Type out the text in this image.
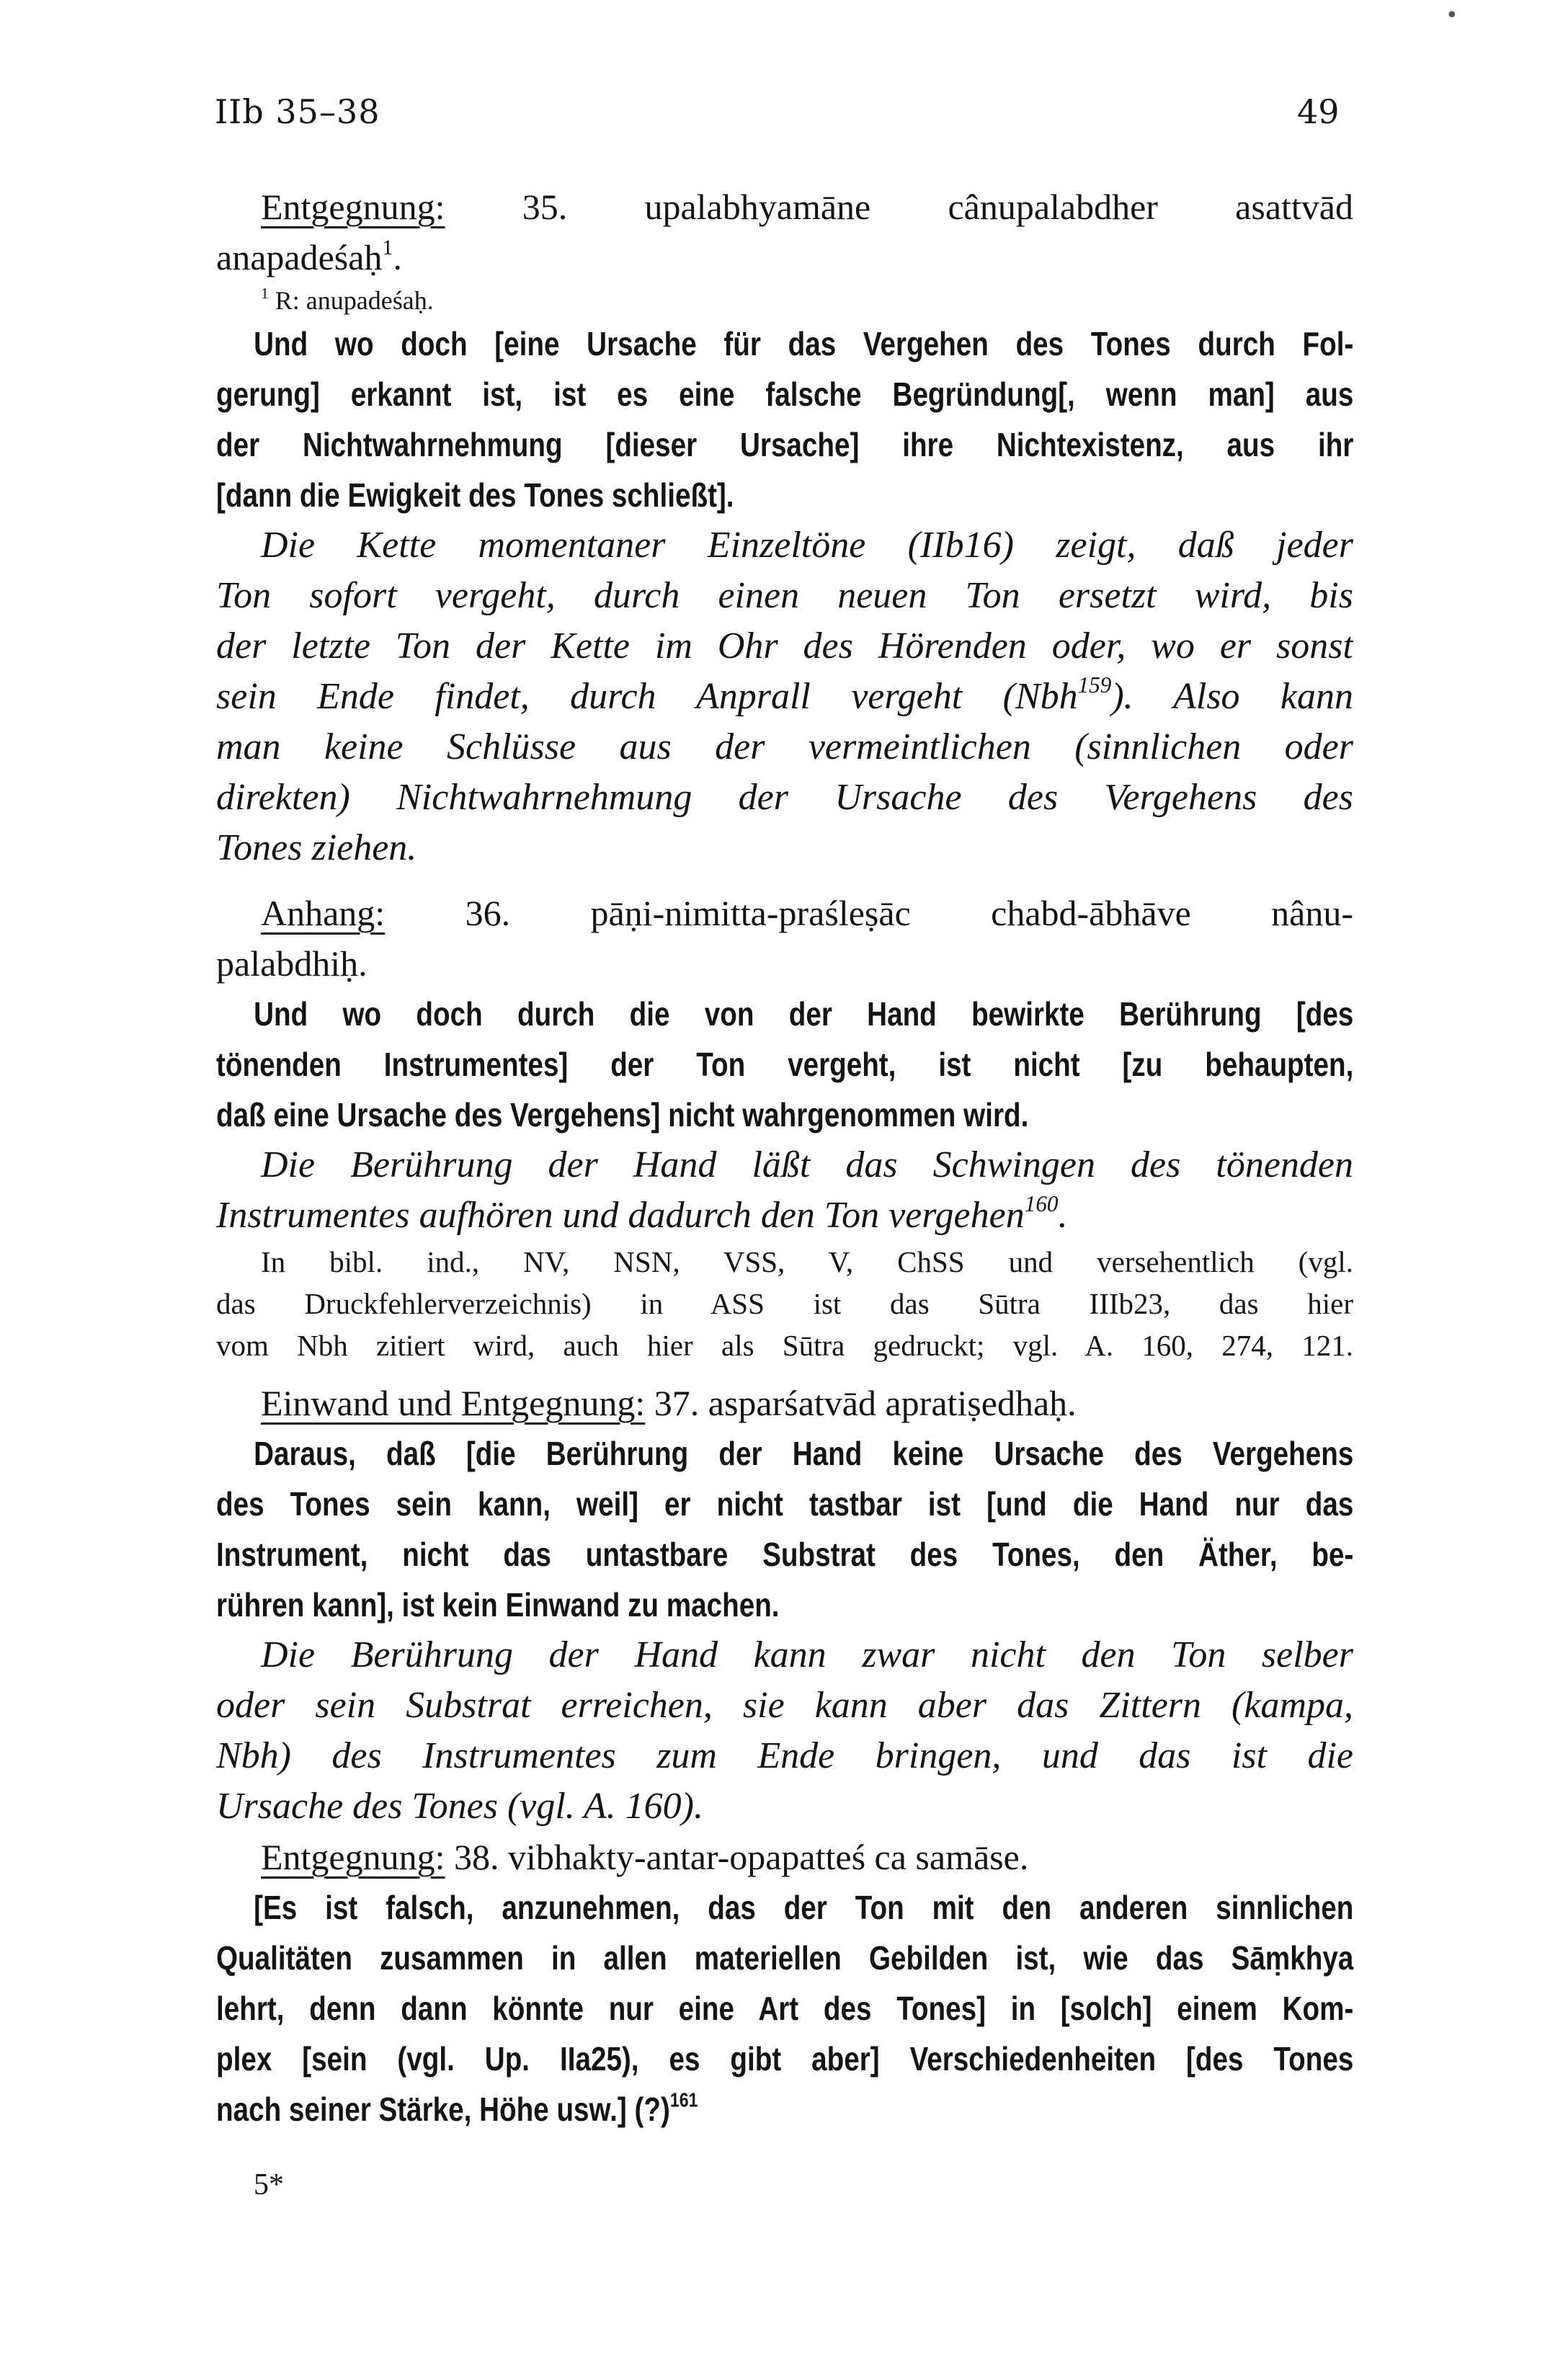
IIb 35–38	49
•
Entgegnung: 35. upalabhyamāne cânupalabdher asattvād
anapadeśaḥ$^1$.
$^1$ R: anupadeśaḥ.
Und wo doch [eine Ursache für das Vergehen des Tones durch Fol-
gerung] erkannt ist, ist es eine falsche Begründung[, wenn man] aus
der Nichtwahrnehmung [dieser Ursache] ihre Nichtexistenz, aus ihr
[dann die Ewigkeit des Tones schließt].
Die Kette momentaner Einzeltöne (IIb16) zeigt, daß jeder
Ton sofort vergeht, durch einen neuen Ton ersetzt wird, bis
der letzte Ton der Kette im Ohr des Hörenden oder, wo er sonst
sein Ende findet, durch Anprall vergeht (Nbh$^{159}$). Also kann
man keine Schlüsse aus der vermeintlichen (sinnlichen oder
direkten) Nichtwahrnehmung der Ursache des Vergehens des
Tones ziehen.
Anhang: 36. pāṇi-nimitta-praśleṣāc chabd-ābhāve nânu-
palabdhiḥ.
Und wo doch durch die von der Hand bewirkte Berührung [des
tönenden Instrumentes] der Ton vergeht, ist nicht [zu behaupten,
daß eine Ursache des Vergehens] nicht wahrgenommen wird.
Die Berührung der Hand läßt das Schwingen des tönenden
Instrumentes aufhören und dadurch den Ton vergehen$^{160}$.
In bibl. ind., NV, NSN, VSS, V, ChSS und versehentlich (vgl.
das Druckfehlerverzeichnis) in ASS ist das Sūtra IIIb23, das hier
vom Nbh zitiert wird, auch hier als Sūtra gedruckt; vgl. A. 160, 274, 121.
Einwand und Entgegnung: 37. asparśatvād apratiṣedhaḥ.
Daraus, daß [die Berührung der Hand keine Ursache des Vergehens
des Tones sein kann, weil] er nicht tastbar ist [und die Hand nur das
Instrument, nicht das untastbare Substrat des Tones, den Äther, be-
rühren kann], ist kein Einwand zu machen.
Die Berührung der Hand kann zwar nicht den Ton selber
oder sein Substrat erreichen, sie kann aber das Zittern (kampa,
Nbh) des Instrumentes zum Ende bringen, und das ist die
Ursache des Tones (vgl. A. 160).
Entgegnung: 38. vibhakty-antar-opapatteś ca samāse.
[Es ist falsch, anzunehmen, das der Ton mit den anderen sinnlichen
Qualitäten zusammen in allen materiellen Gebilden ist, wie das Sāṃkhya
lehrt, denn dann könnte nur eine Art des Tones] in [solch] einem Kom-
plex [sein (vgl. Up. IIa25), es gibt aber] Verschiedenheiten [des Tones
nach seiner Stärke, Höhe usw.] (?)$^{161}$
5*
